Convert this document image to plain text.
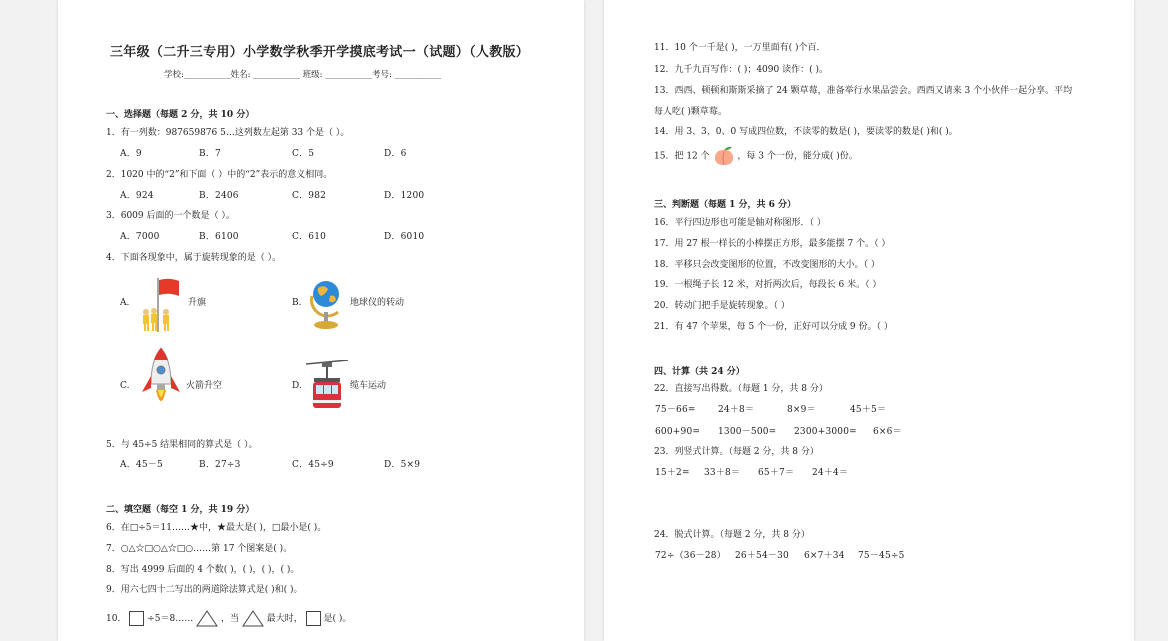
三年级（二升三专用）小学数学秋季开学摸底考试一（试题）（人教版）
学校:___________姓名: ___________ 班级: ___________考号: ___________
一、选择题（每题 2 分，共 10 分）
1．有一列数：987659876 5…这列数左起第 33 个是（ ）。
A．9	B．7	C．5	D．6
2．1020 中的“2”和下面（ ）中的“2”表示的意义相同。
A．924	B．2406	C．982	D．1200
3．6009 后面的一个数是（ ）。
A．7000	B．6100	C．610	D．6010
4．下面各现象中，属于旋转现象的是（ ）。
A.	升旗	B.	地球仪的转动
C.	火箭升空	D.	缆车运动
5．与 45÷5 结果相同的算式是（ ）。
A．45－5	B．27÷3	C．45÷9	D．5×9
二、填空题（每空 1 分，共 19 分）
6．在□÷5＝11……★中，★最大是( )，□最小是( )。
7．○△☆□○△☆□○……第 17 个图案是( )。
8．写出 4999 后面的 4 个数( )，( )，( )，( )。
9．用六七四十二写出的两道除法算式是( )和( )。
10． ÷5＝8……	，当	最大时， 是( )。
11．10 个一千是( )，一万里面有( )个百．
12．九千九百写作：( )；4090 读作：( )。
13．西西、顿顿和斯斯采摘了 24 颗草莓，准备举行水果品尝会。西西又请来 3 个小伙伴一起分享。平均
每人吃( )颗草莓。
14．用 3、3、0、0 写成四位数，不读零的数是( )，要读零的数是( )和( )。
15．把 12 个	，每 3 个一份，能分成( )份。
三、判断题（每题 1 分，共 6 分）
16．平行四边形也可能是轴对称图形．（ ）
17．用 27 根一样长的小棒摆正方形，最多能摆 7 个。（ ）
18．平移只会改变图形的位置，不改变图形的大小。（ ）
19．一根绳子长 12 米，对折两次后，每段长 6 米。（ ）
20．转动门把手是旋转现象。（ ）
21．有 47 个苹果，每 5 个一份，正好可以分成 9 份。（ ）
四、计算（共 24 分）
22．直接写出得数。（每题 1 分，共 8 分）
75－66= 24＋8＝	8×9＝	45＋5＝
600+90= 1300－500= 2300+3000= 6×6＝
23．列竖式计算。（每题 2 分，共 8 分）
15＋2= 33＋8＝ 65＋7＝ 24＋4＝
24．脱式计算。（每题 2 分，共 8 分）
72÷（36－28） 26＋54－30 6×7＋34 75－45÷5
